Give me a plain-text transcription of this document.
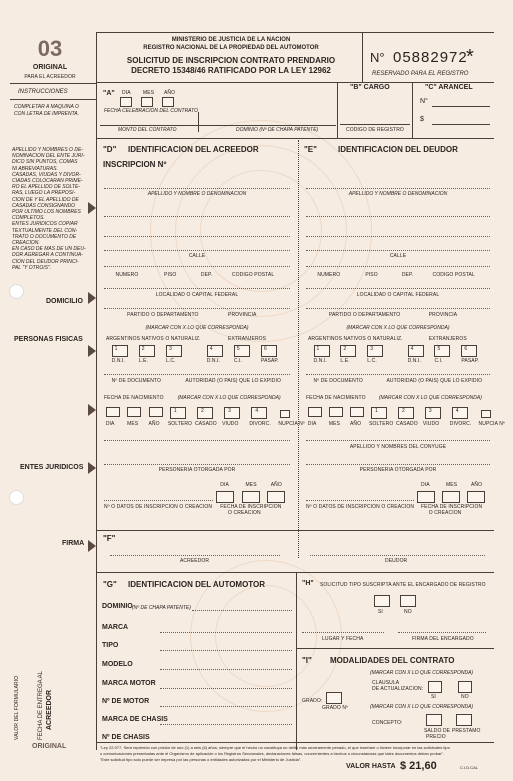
03
ORIGINAL
PARA EL ACREEDOR
INSTRUCCIONES
COMPLETAR A MAQUINA O
CON LETRA DE IMPRENTA.
DOMICILIO
PERSONAS FISICAS
ENTES JURIDICOS
FIRMA
VALOR DEL FORMULARIO	FECHA DE ENTREGA AL ACREEDOR
ORIGINAL
MINISTERIO DE JUSTICIA DE LA NACION
REGISTRO NACIONAL DE LA PROPIEDAD DEL AUTOMOTOR
SOLICITUD DE INSCRIPCION CONTRATO PRENDARIO
DECRETO 15348/46 RATIFICADO POR LA LEY 12962
N° 05882972
*
RESERVADO PARA EL REGISTRO
"A" DIA MES AÑO
FECHA CELEBRACION DEL CONTRATO
MONTO DEL CONTRATO	DOMINIO (Nº DE CHAPA PATENTE)
"B" CARGO
CODIGO DE REGISTRO
"C" ARANCEL
N°
$
"D" IDENTIFICACION DEL ACREEDOR	"E"	IDENTIFICACION DEL DEUDOR
INSCRIPCION Nº
"F"
ACREEDOR	DEUDOR
"G" IDENTIFICACION DEL AUTOMOTOR
DOMINIO (Nº DE CHAPA PATENTE)
"H" SOLICITUD TIPO SUSCRIPTA ANTE EL ENCARGADO DE REGISTRO
SI	NO
LUGAR Y FECHA	FIRMA DEL ENCARGADO
"I" MODALIDADES DEL CONTRATO
(MARCAR CON X LO QUE CORRESPONDA)
CLAUSULA
DE ACTUALIZACION:
SI	NO
GRADO:
GRADO Nº	(MARCAR CON X LO QUE CORRESPONDA)
CONCEPTO:
SALDO DE
PRECIO
PRESTAMO
"Ley 22.977, Será reprimido con prisión de uno (1) a seis (6) años, siempre que el hecho no constituya un delito más severamente penado, el que insertare o hiciere incorporar en las solicitudes tipo
o comunicaciones presentadas ante el Organismo de aplicación o los Registros Seccionales, declaraciones falsas, concernientes a hechos o circunstancias que tales documentos deban probar".
"Este solicitud tipo solo puede ser impresa por las personas o entidades autorizadas por el Ministerio de Justicia".
VALOR HASTA $ 21,60	C.I.D.CAL
APELLIDO Y NOMBRES O DE-
NOMINACION DEL ENTE JURI-
DICO SIN PUNTOS, COMAS
NI ABREVIATURAS.
CASADAS, VIUDAS Y DIVOR-
CIADAS COLOCARAN PRIME-
RO EL APELLIDO DE SOLTE-
RAS, LUEGO LA PREPOSI-
CION DE Y EL APELLIDO DE
CASADAS CONSIGNANDO
POR ULTIMO LOS NOMBRES
COMPLETOS.
ENTES JURIDICOS COPIAR
TEXTUALMENTE DEL CON-
TRATO O DOCUMENTO DE
CREACION.
EN CASO DE MAS DE UN DEU-
DOR AGREGAR A CONTINUA-
CION DEL DEUDOR PRINCI-
PAL "Y OTRO/S".
APELLIDO Y NOMBRE O DENOMINACION
CALLE
NUMERO	PISO	DEP.	CODIGO POSTAL
LOCALIDAD O CAPITAL FEDERAL
PARTIDO O DEPARTAMENTO	PROVINCIA
(MARCAR CON X LO QUE CORRESPONDA)
ARGENTINOS NATIVOS O NATURALIZ.	EXTRANJEROS
1
D.N.I.
2
L.E.
3
L.C.
4
D.N.I.
5
C.I.
6
PASAP.
Nº DE DOCUMENTO	AUTORIDAD (O PAIS) QUE LO EXPIDIO
FECHA DE NACIMIENTO	(MARCAR CON X LO QUE CORRESPONDA)
DIA	MES AÑO
1
SOLTERO
2
CASADO
3
VIUDO
4
DIVORC. NUPCIA Nº
PERSONERIA OTORGADA POR
DIA	MES	AÑO
Nº O DATOS DE INSCRIPCION O CREACION FECHA DE INSCRIPCION
O CREACION
APELLIDO Y NOMBRE O DENOMINACION
CALLE
NUMERO	PISO	DEP.	CODIGO POSTAL
LOCALIDAD O CAPITAL FEDERAL
PARTIDO O DEPARTAMENTO	PROVINCIA
(MARCAR CON X LO QUE CORRESPONDA)
ARGENTINOS NATIVOS O NATURALIZ.	EXTRANJEROS
1
D.N.I.
2
L.E.
3
L.C.
4
D.N.I.
5
C.I.
6
PASAP.
Nº DE DOCUMENTO	AUTORIDAD (O PAIS) QUE LO EXPIDIO
FECHA DE NACIMIENTO	(MARCAR CON X LO QUE CORRESPONDA)
DIA MES AÑO
1
SOLTERO
2
CASADO
3
VIUDO
4
DIVORC. NUPCIA Nº
APELLIDO Y NOMBRES DEL CONYUGE
PERSONERIA OTORGADA POR
DIA	MES	AÑO
Nº O DATOS DE INSCRIPCION O CREACION FECHA DE INSCRIPCION
O CREACION
MARCA
TIPO
MODELO
MARCA MOTOR
Nº DE MOTOR
MARCA DE CHASIS
Nº DE CHASIS
